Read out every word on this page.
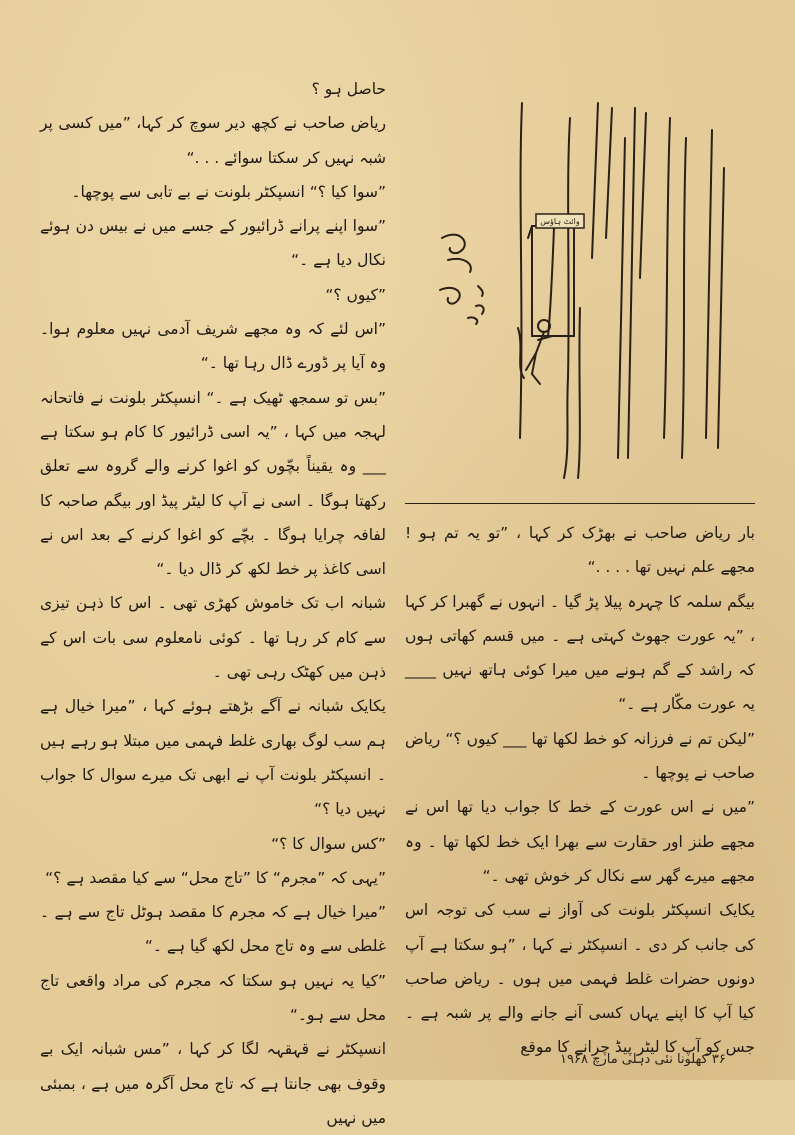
حاصل ہو ؟

ریاض صاحب نے کچھ دیر سوچ کر کہا، ”میں کسی پر شبہ نہیں کر سکتا سوائے . . .“

”سوا کیا ؟“ انسپکٹر بلونت نے بے تابی سے پوچھا۔

”سوا اپنے پرانے ڈرائیور کے جسے میں نے بیس دن ہوئے نکال دیا ہے ۔“

”کیوں ؟“

”اس لئے کہ وہ مجھے شریف آدمی نہیں معلوم ہوا۔ وہ آیا پر ڈورے ڈال رہا تھا ۔“

”بس تو سمجھ ٹھیک ہے ۔“ انسپکٹر بلونت نے فاتحانہ لہجہ میں کہا ، ”یہ اسی ڈرائیور کا کام ہو سکتا ہے ___ وہ یقیناً بچّوں کو اغوا کرنے والے گروہ سے تعلق رکھتا ہوگا ۔ اسی نے آپ کا لیٹر پیڈ اور بیگم صاحبہ کا لفافہ چرایا ہوگا ۔ بچّے کو اغوا کرنے کے بعد اس نے اسی کاغذ پر خط لکھ کر ڈال دیا ۔“

شبانہ اب تک خاموش کھڑی تھی ۔ اس کا ذہن تیزی سے کام کر رہا تھا ۔ کوئی نامعلوم سی بات اس کے ذہن میں کھٹک رہی تھی ۔

یکایک شبانہ نے آگے بڑھتے ہوئے کہا ، ”میرا خیال ہے ہم سب لوگ بھاری غلط فہمی میں مبتلا ہو رہے ہیں ۔ انسپکٹر بلونت آپ نے ابھی تک میرے سوال کا جواب نہیں دیا ؟“

”کس سوال کا ؟“

”یہی کہ ”مجرم“ کا ”تاج محل“ سے کیا مقصد ہے ؟“

”میرا خیال ہے کہ مجرم کا مقصد ہوٹل تاج سے ہے ۔ غلطی سے وہ تاج محل لکھ گیا ہے ۔“

”کیا یہ نہیں ہو سکتا کہ مجرم کی مراد واقعی تاج محل سے ہو۔“

انسپکٹر نے قہقہہ لگا کر کہا ، ”مس شبانہ ایک بے وقوف بھی جانتا ہے کہ تاج محل آگرہ میں ہے ، بمبئی میں نہیں

وائٹ ہاؤس

بار ریاض صاحب نے بھڑک کر کہا ، ”تو یہ تم ہو ! مجھے علم نہیں تھا . . . .“

بیگم سلمہ کا چہرہ پیلا پڑ گیا ۔ انہوں نے گھبرا کر کہا ، ”یہ عورت جھوٹ کہتی ہے ۔ میں قسم کھاتی ہوں کہ راشد کے گم ہونے میں میرا کوئی ہاتھ نہیں ____ یہ عورت مکّار ہے ۔“

”لیکن تم نے فرزانہ کو خط لکھا تھا ___ کیوں ؟“ ریاض صاحب نے پوچھا ۔

”میں نے اس عورت کے خط کا جواب دیا تھا اس نے مجھے طنز اور حقارت سے بھرا ایک خط لکھا تھا ۔ وہ مجھے میرے گھر سے نکال کر خوش تھی ۔“

یکایک انسپکٹر بلونت کی آواز نے سب کی توجہ اس کی جانب کر دی ۔ انسپکٹر نے کہا ، ”ہو سکتا ہے آپ دونوں حضرات غلط فہمی میں ہوں ۔ ریاض صاحب کیا آپ کا اپنے یہاں کسی آنے جانے والے پر شبہ ہے ۔ جس کو آپ کا لیٹر پیڈ چرانے کا موقع

۳۶ کھلونا نئی دہلی مارچ ۱۹۶۸
